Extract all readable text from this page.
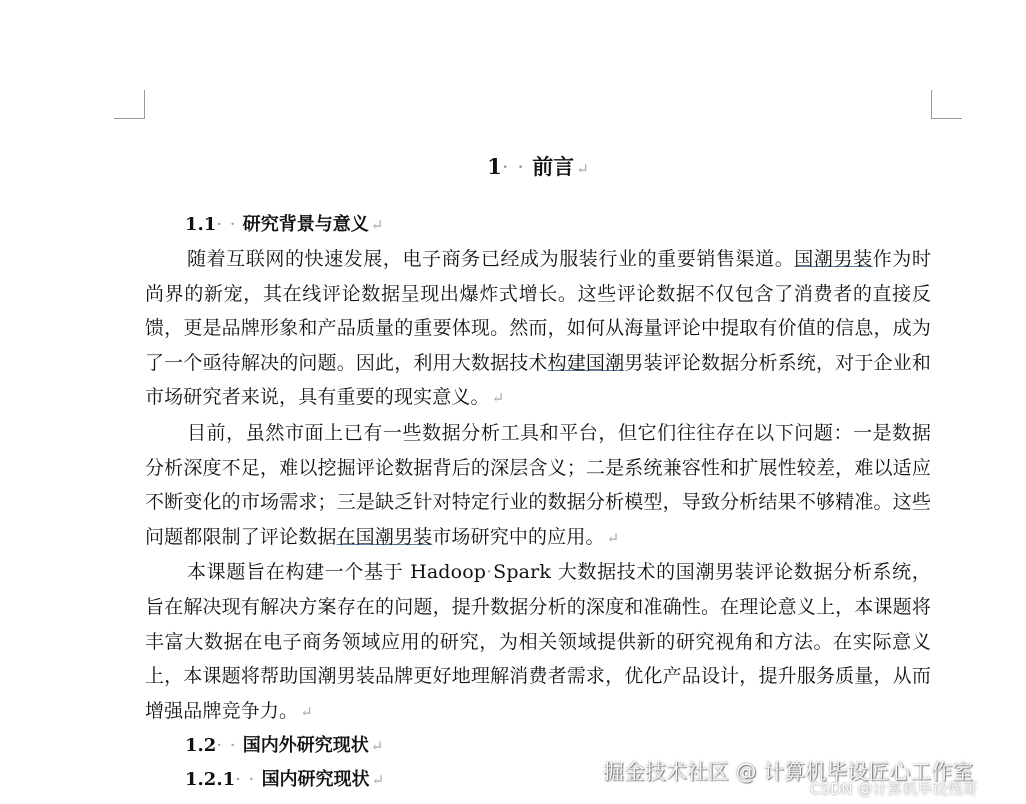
1· · 前言 ↵
1.1· · 研究背景与意义 ↵

随着互联网的快速发展，电子商务已经成为服装行业的重要销售渠道。国潮男装作为时尚界的新宠，其在线评论数据呈现出爆炸式增长。这些评论数据不仅包含了消费者的直接反馈，更是品牌形象和产品质量的重要体现。然而，如何从海量评论中提取有价值的信息，成为了一个亟待解决的问题。因此，利用大数据技术构建国潮男装评论数据分析系统，对于企业和市场研究者来说，具有重要的现实意义。 ↵

目前，虽然市面上已有一些数据分析工具和平台，但它们往往存在以下问题：一是数据分析深度不足，难以挖掘评论数据背后的深层含义；二是系统兼容性和扩展性较差，难以适应不断变化的市场需求；三是缺乏针对特定行业的数据分析模型，导致分析结果不够精准。这些问题都限制了评论数据在国潮男装市场研究中的应用。 ↵

本课题旨在构建一个基于 Hadoop·Spark 大数据技术的国潮男装评论数据分析系统，旨在解决现有解决方案存在的问题，提升数据分析的深度和准确性。在理论意义上，本课题将丰富大数据在电子商务领域应用的研究，为相关领域提供新的研究视角和方法。在实际意义上，本课题将帮助国潮男装品牌更好地理解消费者需求，优化产品设计，提升服务质量，从而增强品牌竞争力。 ↵

1.2· · 国内外研究现状 ↵
1.2.1· · 国内研究现状 ↵	掘金技术社区 @ 计算机毕设匠心工作室
CSDN @计算机毕设残哥
